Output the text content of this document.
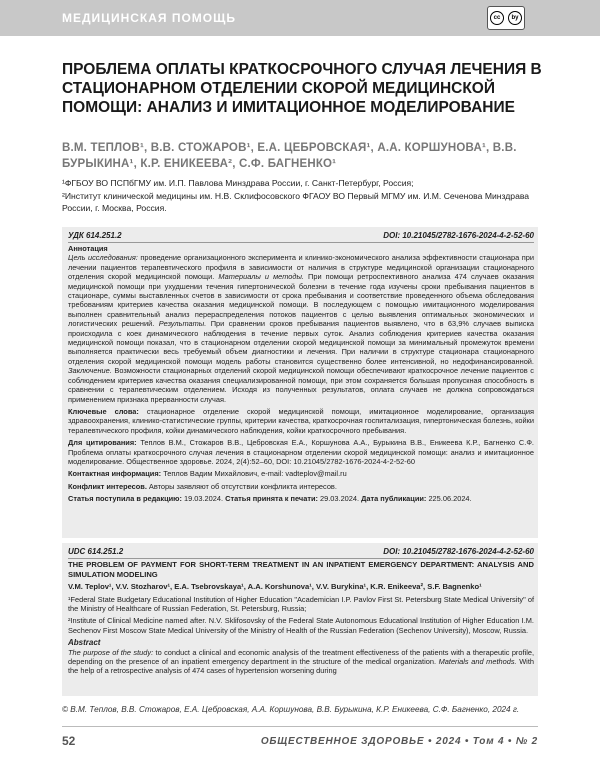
МЕДИЦИНСКАЯ ПОМОЩЬ	cc	by
ПРОБЛЕМА ОПЛАТЫ КРАТКОСРОЧНОГО СЛУЧАЯ ЛЕЧЕНИЯ В СТАЦИОНАРНОМ ОТДЕЛЕНИИ СКОРОЙ МЕДИЦИНСКОЙ ПОМОЩИ: АНАЛИЗ И ИМИТАЦИОННОЕ МОДЕЛИРОВАНИЕ
В.М. ТЕПЛОВ¹, В.В. СТОЖАРОВ¹, Е.А. ЦЕБРОВСКАЯ¹, А.А. КОРШУНОВА¹, В.В. БУРЫКИНА¹, К.Р. ЕНИКЕЕВА², С.Ф. БАГНЕНКО¹
¹ФГБОУ ВО ПСПбГМУ им. И.П. Павлова Минздрава России, г. Санкт-Петербург, Россия;
²Институт клинической медицины им. Н.В. Склифосовского ФГАОУ ВО Первый МГМУ им. И.М. Сеченова Минздрава России, г. Москва, Россия.
УДК 614.251.2	DOI: 10.21045/2782-1676-2024-4-2-52-60

Аннотация

Цель исследования: проведение организационного эксперимента и клинико-экономического анализа эффективности стационара при лечении пациентов терапевтического профиля в зависимости от наличия в структуре медицинской организации стационарного отделения скорой медицинской помощи. Материалы и методы. При помощи ретроспективного анализа 474 случаев оказания медицинской помощи при ухудшении течения гипертонической болезни в течение года изучены сроки пребывания пациентов в стационаре, суммы выставленных счетов в зависимости от срока пребывания и соответствие проведенного объема обследования требованиям критериев качества оказания медицинской помощи. В последующем с помощью имитационного моделирования выполнен сравнительный анализ перераспределения потоков пациентов с целью выявления оптимальных экономических и логистических решений. Результаты. При сравнении сроков пребывания пациентов выявлено, что в 63,9% случаев выписка происходила с коек динамического наблюдения в течение первых суток. Анализ соблюдения критериев качества оказания медицинской помощи показал, что в стационарном отделении скорой медицинской помощи за минимальный промежуток времени выполняется практически весь требуемый объем диагностики и лечения. При наличии в структуре стационара стационарного отделения скорой медицинской помощи модель работы становится существенно более интенсивной, но недофинансированной. Заключение. Возможности стационарных отделений скорой медицинской помощи обеспечивают краткосрочное лечение пациентов с соблюдением критериев качества оказания специализированной помощи, при этом сохраняется большая пропускная способность в сравнении с терапевтическим отделением. Исходя из полученных результатов, оплата случаев не должна сопровождаться применением признака прерванности случая.

Ключевые слова: стационарное отделение скорой медицинской помощи, имитационное моделирование, организация здравоохранения, клинико-статистические группы, критерии качества, краткосрочная госпитализация, гипертоническая болезнь, койки терапевтического профиля, койки динамического наблюдения, койки краткосрочного пребывания.

Для цитирования: Теплов В.М., Стожаров В.В., Цебровская Е.А., Коршунова А.А., Бурыкина В.В., Еникеева К.Р., Багненко С.Ф. Проблема оплаты краткосрочного случая лечения в стационарном отделении скорой медицинской помощи: анализ и имитационное моделирование. Общественное здоровье. 2024, 2(4):52–60, DOI: 10.21045/2782-1676-2024-4-2-52-60

Контактная информация: Теплов Вадим Михайлович, e-mail: vadteplov@mail.ru

Конфликт интересов. Авторы заявляют об отсутствии конфликта интересов.

Статья поступила в редакцию: 19.03.2024. Статья принята к печати: 29.03.2024. Дата публикации: 225.06.2024.

UDC 614.251.2	DOI: 10.21045/2782-1676-2024-4-2-52-60

THE PROBLEM OF PAYMENT FOR SHORT-TERM TREATMENT IN AN INPATIENT EMERGENCY DEPARTMENT: ANALYSIS AND SIMULATION MODELING

V.M. Teplov¹, V.V. Stozharov¹, E.A. Tsebrovskaya¹, A.A. Korshunova¹, V.V. Burykina¹, K.R. Enikeeva², S.F. Bagnenko¹

¹Federal State Budgetary Educational Institution of Higher Education "Academician I.P. Pavlov First St. Petersburg State Medical University" of the Ministry of Healthcare of Russian Federation, St. Petersburg, Russia;

²Institute of Clinical Medicine named after. N.V. Sklifosovsky of the Federal State Autonomous Educational Institution of Higher Education I.M. Sechenov First Moscow State Medical University of the Ministry of Health of the Russian Federation (Sechenov University), Moscow, Russia.

Abstract

The purpose of the study: to conduct a clinical and economic analysis of the treatment effectiveness of the patients with a therapeutic profile, depending on the presence of an inpatient emergency department in the structure of the medical organization. Materials and methods. With the help of a retrospective analysis of 474 cases of hypertension worsening during

© В.М. Теплов, В.В. Стожаров, Е.А. Цебровская, А.А. Коршунова, В.В. Бурыкина, К.Р. Еникеева, С.Ф. Багненко, 2024 г.
52	ОБЩЕСТВЕННОЕ ЗДОРОВЬЕ • 2024 • Том 4 • № 2
